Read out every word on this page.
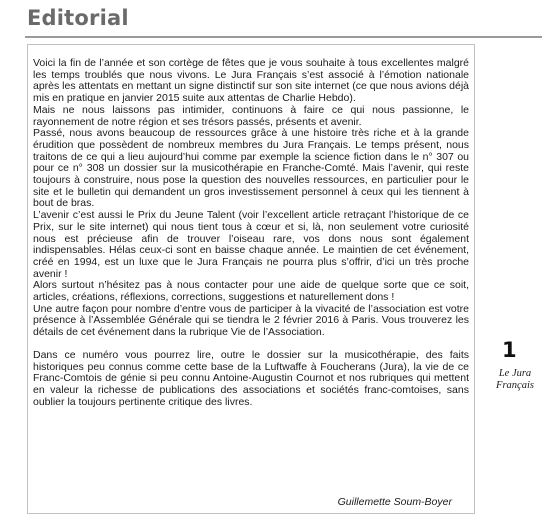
Editorial

Voici la fin de l’année et son cortège de fêtes que je vous souhaite à tous excellentes malgré les temps troublés que nous vivons. Le Jura Français s’est associé à l’émotion nationale après les attentats en mettant un signe distinctif sur son site internet (ce que nous avions déjà mis en pratique en janvier 2015 suite aux attentas de Charlie Hebdo).

Mais ne nous laissons pas intimider, continuons à faire ce qui nous passionne, le rayonnement de notre région et ses trésors passés, présents et avenir.

Passé, nous avons beaucoup de ressources grâce à une histoire très riche et à la grande érudition que possèdent de nombreux membres du Jura Français. Le temps présent, nous traitons de ce qui a lieu aujourd’hui comme par exemple la science fiction dans le n° 307 ou pour ce n° 308 un dossier sur la musicothérapie en Franche-Comté. Mais l’avenir, qui reste toujours à construire, nous pose la question des nouvelles ressources, en particulier pour le site et le bulletin qui demandent un gros investissement personnel à ceux qui les tiennent à bout de bras.

L’avenir c’est aussi le Prix du Jeune Talent (voir l’excellent article retraçant l’historique de ce Prix, sur le site internet) qui nous tient tous à cœur et si, là, non seulement votre curiosité nous est précieuse afin de trouver l’oiseau rare, vos dons nous sont également indispensables. Hélas ceux-ci sont en baisse chaque année. Le maintien de cet événement, créé en 1994, est un luxe que le Jura Français ne pourra plus s’offrir, d’ici un très proche avenir !

Alors surtout n’hésitez pas à nous contacter pour une aide de quelque sorte que ce soit, articles, créations, réflexions, corrections, suggestions et naturellement dons !

Une autre façon pour nombre d’entre vous de participer à la vivacité de l’association est votre présence à l’Assemblée Générale qui se tiendra le 2 février 2016 à Paris. Vous trouverez les détails de cet événement dans la rubrique Vie de l’Association.

Dans ce numéro vous pourrez lire, outre le dossier sur la musicothérapie, des faits historiques peu connus comme cette base de la Luftwaffe à Foucherans (Jura), la vie de ce Franc-Comtois de génie si peu connu Antoine-Augustin Cournot et nos rubriques qui mettent en valeur la richesse de publications des associations et sociétés franc-comtoises, sans oublier la toujours pertinente critique des livres.

Guillemette Soum-Boyer
1
Le Jura
Français
